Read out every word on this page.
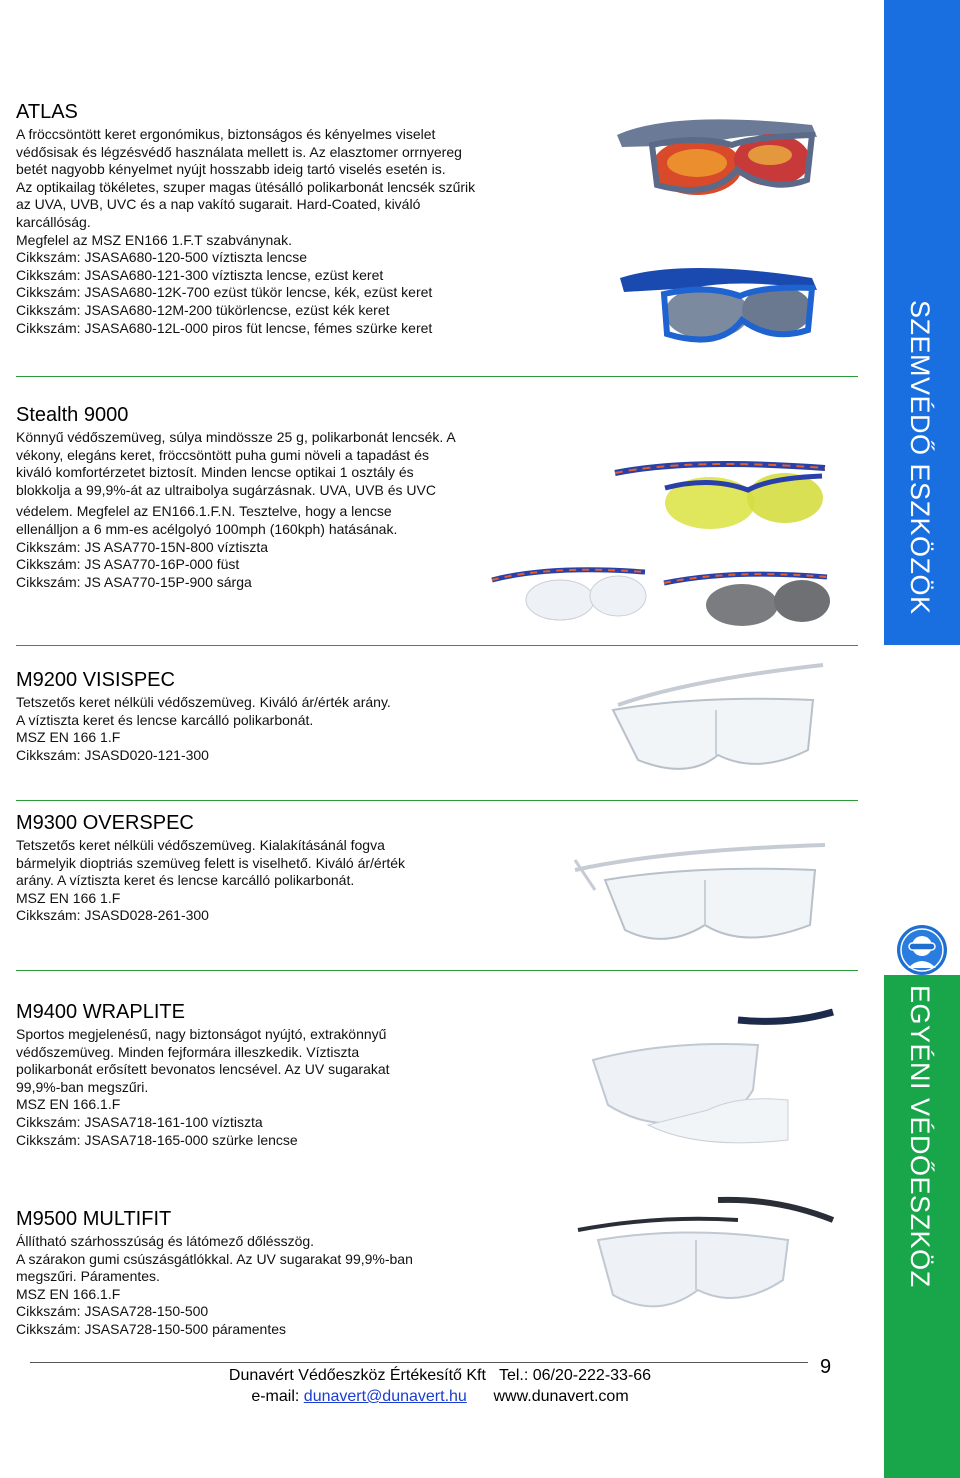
SZEMVÉDŐ ESZKÖZÖK
EGYÉNI VÉDŐESZKÖZ
ATLAS

A fröccsöntött keret ergonómikus, biztonságos és kényelmes viselet

védősisak és légzésvédő használata mellett is. Az elasztomer orrnyereg

betét nagyobb kényelmet nyújt hosszabb ideig tartó viselés esetén is.

Az optikailag tökéletes, szuper magas ütésálló polikarbonát lencsék szűrik

az UVA, UVB, UVC és a nap vakító sugarait. Hard-Coated, kiváló

karcállóság.

Megfelel az MSZ EN166 1.F.T szabványnak.

Cikkszám: JSASA680-120-500 víztiszta lencse

Cikkszám: JSASA680-121-300 víztiszta lencse, ezüst keret

Cikkszám: JSASA680-12K-700 ezüst tükör lencse, kék, ezüst keret

Cikkszám: JSASA680-12M-200 tükörlencse, ezüst kék keret

Cikkszám: JSASA680-12L-000 piros füt lencse, fémes szürke keret

Stealth 9000

Könnyű védőszemüveg, súlya mindössze 25 g, polikarbonát lencsék. A

vékony, elegáns keret, fröccsöntött puha gumi növeli a tapadást és

kiváló komfortérzetet biztosít. Minden lencse optikai 1 osztály és

blokkolja a 99,9%-át az ultraibolya sugárzásnak. UVA, UVB és UVC

védelem. Megfelel az EN166.1.F.N. Tesztelve, hogy a lencse

ellenálljon a 6 mm-es acélgolyó 100mph (160kph) hatásának.

Cikkszám: JS ASA770-15N-800 víztiszta

Cikkszám: JS ASA770-16P-000 füst

Cikkszám: JS ASA770-15P-900 sárga

M9200 VISISPEC

Tetszetős keret nélküli védőszemüveg. Kiváló ár/érték arány.

A víztiszta keret és lencse karcálló polikarbonát.

MSZ EN 166 1.F

Cikkszám: JSASD020-121-300

M9300 OVERSPEC

Tetszetős keret nélküli védőszemüveg. Kialakításánál fogva

bármelyik dioptriás szemüveg felett is viselhető. Kiváló ár/érték

arány. A víztiszta keret és lencse karcálló polikarbonát.

MSZ EN 166 1.F

Cikkszám: JSASD028-261-300

M9400 WRAPLITE

Sportos megjelenésű, nagy biztonságot nyújtó, extrakönnyű

védőszemüveg. Minden fejformára illeszkedik. Víztiszta

polikarbonát erősített bevonatos lencsével. Az UV sugarakat

99,9%-ban megszűri.

MSZ EN 166.1.F

Cikkszám: JSASA718-161-100 víztiszta

Cikkszám: JSASA718-165-000 szürke lencse

M9500 MULTIFIT

Állítható szárhosszúság és látómező dőlésszög.

A szárakon gumi csúszásgátlókkal. Az UV sugarakat 99,9%-ban

megszűri. Páramentes.

MSZ EN 166.1.F

Cikkszám: JSASA728-150-500

Cikkszám: JSASA728-150-500 páramentes

9
Dunavért Védőeszköz Értékesítő Kft Tel.: 06/20-222-33-66
e-mail: dunavert@dunavert.hu www.dunavert.com
